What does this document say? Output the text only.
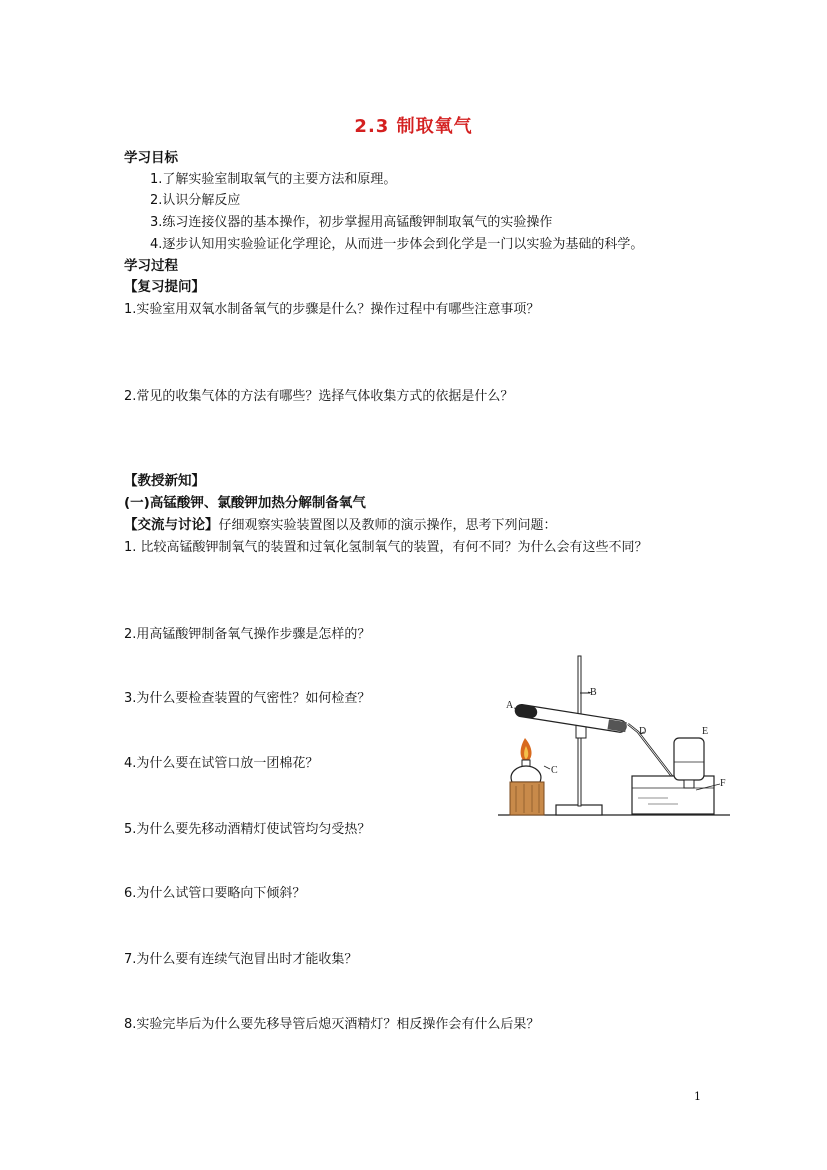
2.3 制取氧气
学习目标
1.了解实验室制取氧气的主要方法和原理。
2.认识分解反应
3.练习连接仪器的基本操作，初步掌握用高锰酸钾制取氧气的实验操作
4.逐步认知用实验验证化学理论，从而进一步体会到化学是一门以实验为基础的科学。
学习过程
【复习提问】
1.实验室用双氧水制备氧气的步骤是什么？操作过程中有哪些注意事项？
2.常见的收集气体的方法有哪些？选择气体收集方式的依据是什么？
【教授新知】
(一)高锰酸钾、氯酸钾加热分解制备氧气
【交流与讨论】仔细观察实验装置图以及教师的演示操作，思考下列问题：
1. 比较高锰酸钾制氧气的装置和过氧化氢制氧气的装置，有何不同？为什么会有这些不同？
2.用高锰酸钾制备氧气操作步骤是怎样的？
3.为什么要检查装置的气密性？如何检查？
4.为什么要在试管口放一团棉花？
5.为什么要先移动酒精灯使试管均匀受热？
6.为什么试管口要略向下倾斜？
7.为什么要有连续气泡冒出时才能收集？
8.实验完毕后为什么要先移导管后熄灭酒精灯？相反操作会有什么后果？
A
B
C
D	E
F
1
